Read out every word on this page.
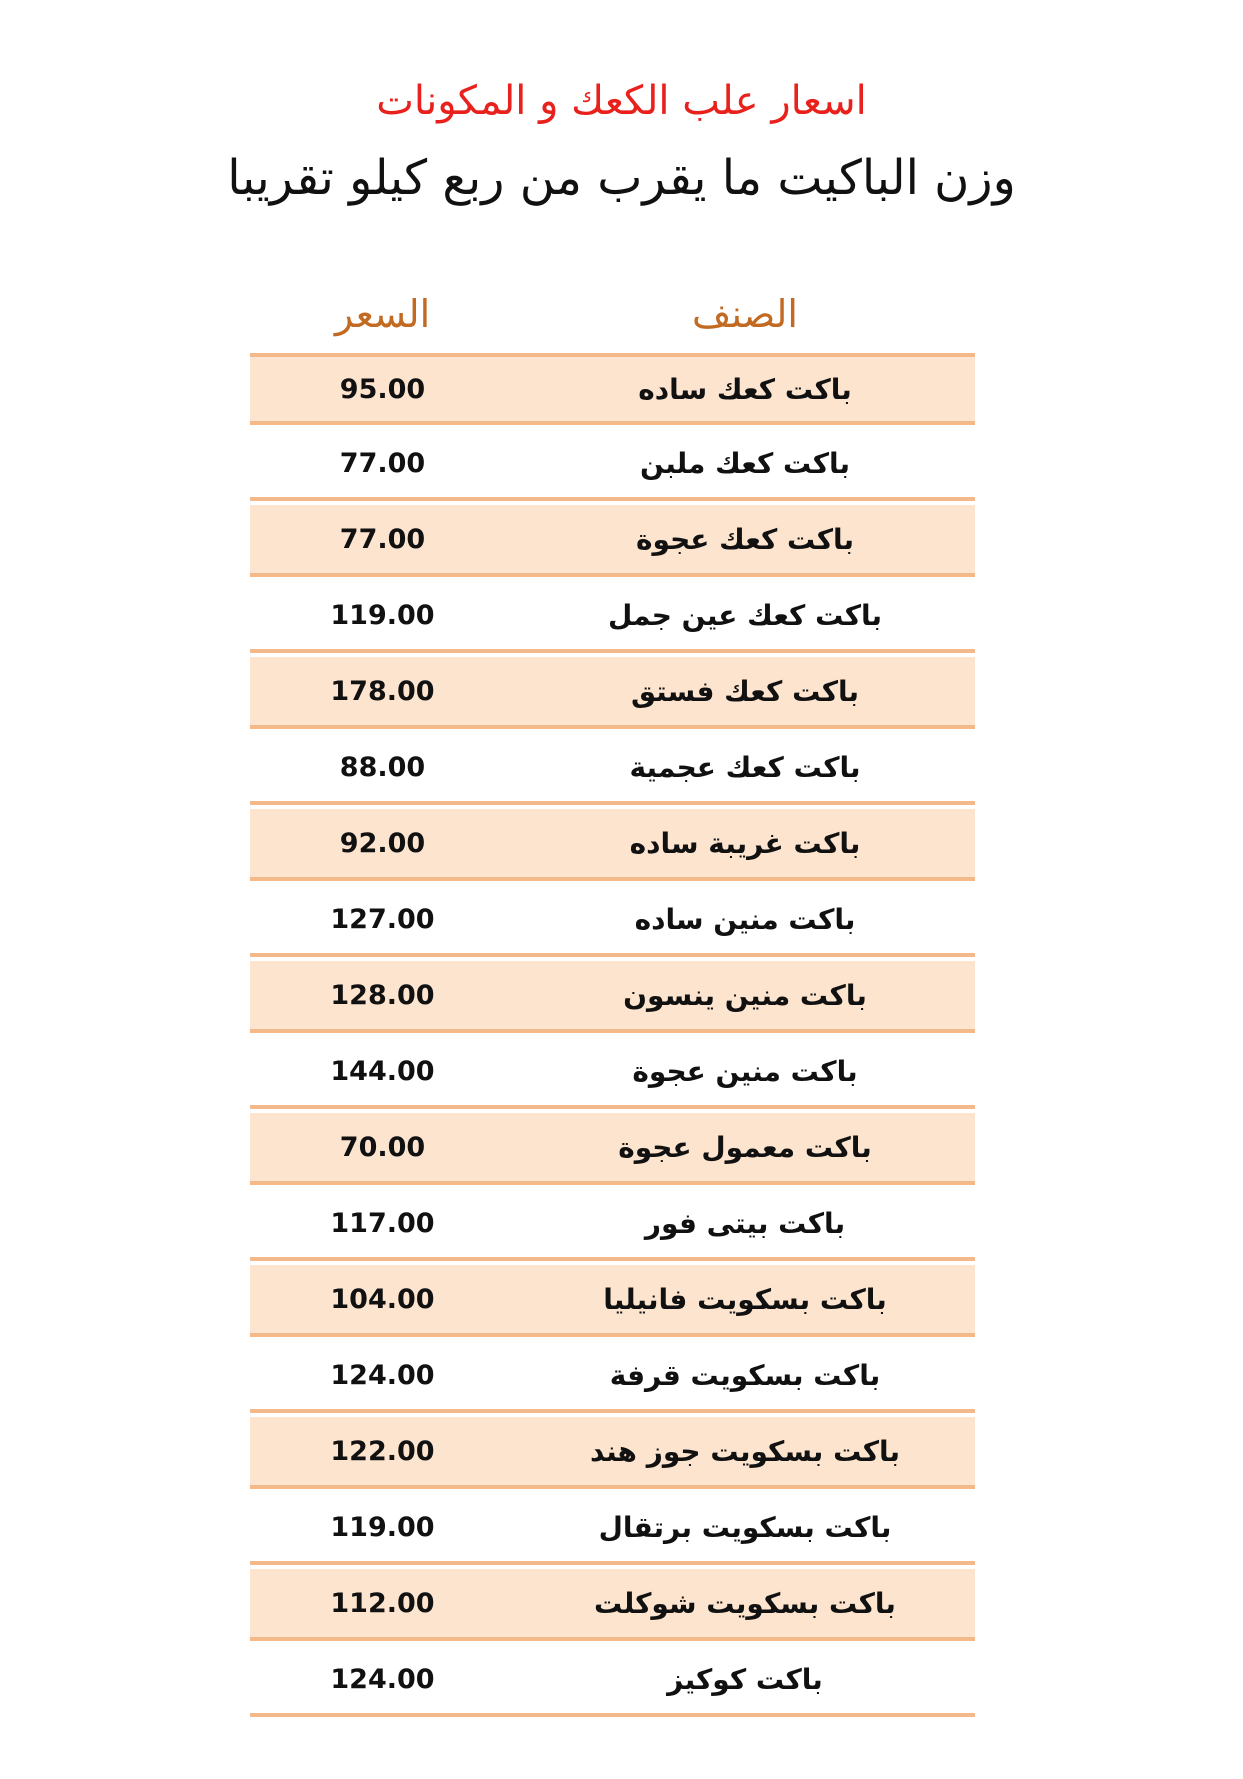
اسعار علب الكعك و المكونات
وزن الباكيت ما يقرب من ربع كيلو تقريبا
الصنف
السعر
باكت كعك ساده
95.00
باكت كعك ملبن
77.00
باكت كعك عجوة
77.00
باكت كعك عين جمل
119.00
باكت كعك فستق
178.00
باكت كعك عجمية
88.00
باكت غريبة ساده
92.00
باكت منين ساده
127.00
باكت منين ينسون
128.00
باكت منين عجوة
144.00
باكت معمول عجوة
70.00
باكت بيتى فور
117.00
باكت بسكويت فانيليا
104.00
باكت بسكويت قرفة
124.00
باكت بسكويت جوز هند
122.00
باكت بسكويت برتقال
119.00
باكت بسكويت شوكلت
112.00
باكت كوكيز
124.00
